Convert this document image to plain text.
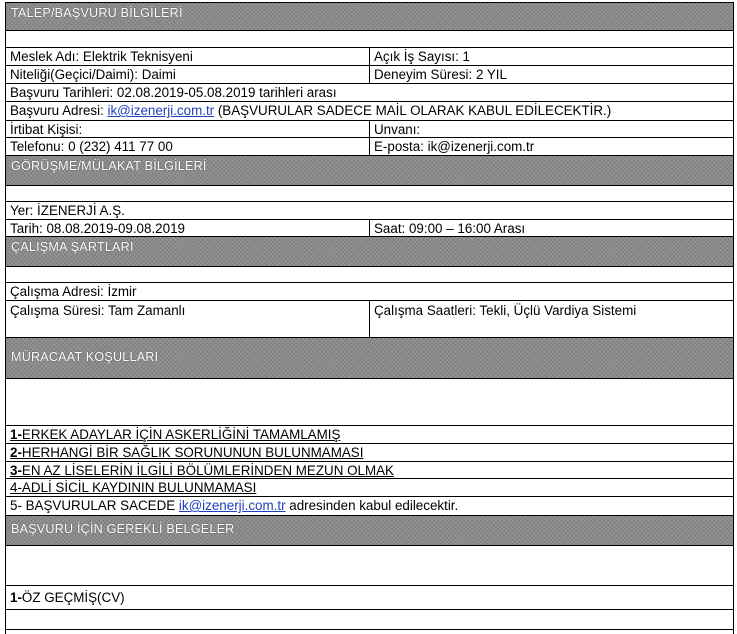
TALEP/BAŞVURU BİLGİLERİ
Meslek Adı: Elektrik Teknisyeni	Açık İş Sayısı: 1
Niteliği(Geçici/Daimi): Daimi	Deneyim Süresi: 2 YIL
Başvuru Tarihleri: 02.08.2019-05.08.2019 tarihleri arası
Başvuru Adresi: ik@izenerji.com.tr (BAŞVURULAR SADECE MAİL OLARAK KABUL EDİLECEKTİR.)
İrtibat Kişisi:	Unvanı:
Telefonu: 0 (232) 411 77 00	E-posta: ik@izenerji.com.tr
GÖRÜŞME/MÜLAKAT BİLGİLERİ
Yer: İZENERJİ A.Ş.
Tarih: 08.08.2019-09.08.2019	Saat: 09:00 – 16:00 Arası
ÇALIŞMA ŞARTLARI
Çalışma Adresi: İzmir
Çalışma Süresi: Tam Zamanlı	Çalışma Saatleri: Tekli, Üçlü Vardiya Sistemi
MÜRACAAT KOŞULLARI
1-ERKEK ADAYLAR İÇİN ASKERLİĞİNİ TAMAMLAMIŞ
2-HERHANGİ BİR SAĞLIK SORUNUNUN BULUNMAMASI
3-EN AZ LİSELERİN İLGİLİ BÖLÜMLERİNDEN MEZUN OLMAK
4-ADLİ SİCİL KAYDININ BULUNMAMASI
5- BAŞVURULAR SACEDE ik@izenerji.com.tr adresinden kabul edilecektir.
BAŞVURU İÇİN GEREKLİ BELGELER
1-ÖZ GEÇMİŞ(CV)
